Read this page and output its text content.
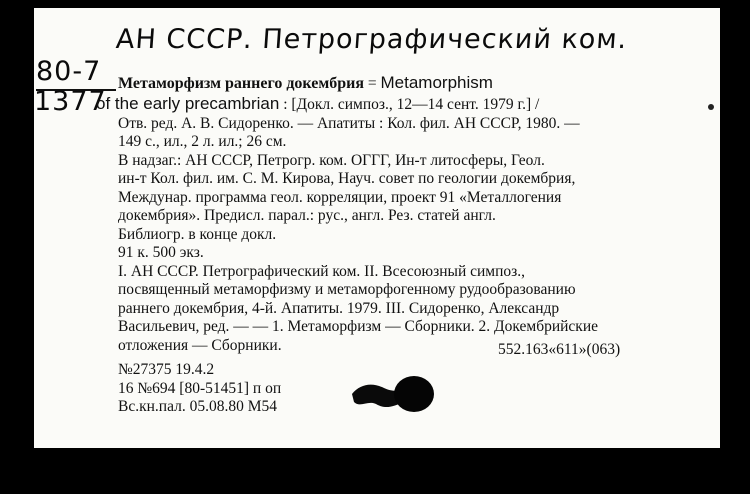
АН СССР. Петрографический ком.
80-7
1377
Метаморфизм раннего докембрия = Metamorphism
of the early precambrian : [Докл. симпоз., 12—14 сент. 1979 г.] /
Отв. ред. А. В. Сидоренко. — Апатиты : Кол. фил. АН СССР, 1980. —
149 с., ил., 2 л. ил.; 26 см.
В надзаг.: АН СССР, Петрогр. ком. ОГГГ, Ин-т литосферы, Геол.
ин-т Кол. фил. им. С. М. Кирова, Науч. совет по геологии докембрия,
Междунар. программа геол. корреляции, проект 91 «Металлогения
докембрия». Предисл. парал.: рус., англ. Рез. статей англ.
Библиогр. в конце докл.
91 к. 500 экз.
I. АН СССР. Петрографический ком. II. Всесоюзный симпоз.,
посвященный метаморфизму и метаморфогенному рудообразованию
раннего докембрия, 4-й. Апатиты. 1979. III. Сидоренко, Александр
Васильевич, ред. — — 1. Метаморфизм — Сборники. 2. Докембрийские
отложения — Сборники.	552.163«611»(063)
№27375 19.4.2
16 №694 [80-51451] п оп
Вс.кн.пал. 05.08.80 М54
